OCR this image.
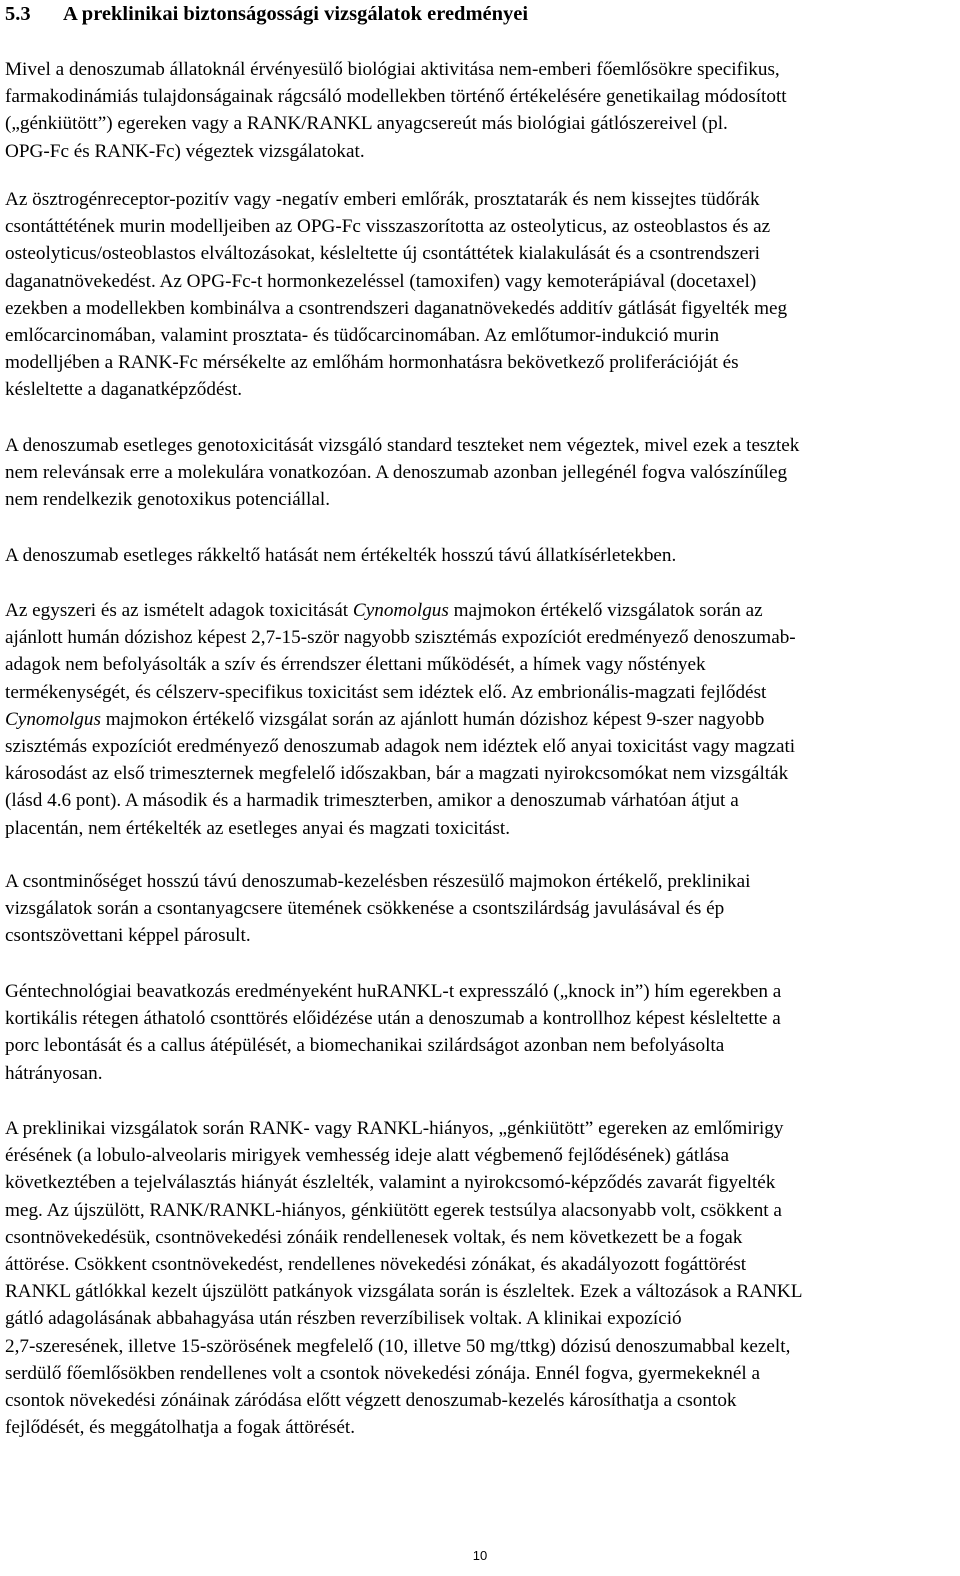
5.3 A preklinikai biztonságossági vizsgálatok eredményei
Mivel a denoszumab állatoknál érvényesülő biológiai aktivitása nem-emberi főemlősökre specifikus,
farmakodinámiás tulajdonságainak rágcsáló modellekben történő értékelésére genetikailag módosított
(„génkiütött”) egereken vagy a RANK/RANKL anyagcsereút más biológiai gátlószereivel (pl.
OPG-Fc és RANK-Fc) végeztek vizsgálatokat.
Az ösztrogénreceptor-pozitív vagy -negatív emberi emlőrák, prosztatarák és nem kissejtes tüdőrák
csontáttétének murin modelljeiben az OPG-Fc visszaszorította az osteolyticus, az osteoblastos és az
osteolyticus/osteoblastos elváltozásokat, késleltette új csontáttétek kialakulását és a csontrendszeri
daganatnövekedést. Az OPG-Fc-t hormonkezeléssel (tamoxifen) vagy kemoterápiával (docetaxel)
ezekben a modellekben kombinálva a csontrendszeri daganatnövekedés additív gátlását figyelték meg
emlőcarcinomában, valamint prosztata- és tüdőcarcinomában. Az emlőtumor-indukció murin
modelljében a RANK-Fc mérsékelte az emlőhám hormonhatásra bekövetkező proliferációját és
késleltette a daganatképződést.
A denoszumab esetleges genotoxicitását vizsgáló standard teszteket nem végeztek, mivel ezek a tesztek
nem relevánsak erre a molekulára vonatkozóan. A denoszumab azonban jellegénél fogva valószínűleg
nem rendelkezik genotoxikus potenciállal.
A denoszumab esetleges rákkeltő hatását nem értékelték hosszú távú állatkísérletekben.
Az egyszeri és az ismételt adagok toxicitását Cynomolgus majmokon értékelő vizsgálatok során az
ajánlott humán dózishoz képest 2,7-15-ször nagyobb szisztémás expozíciót eredményező denoszumab-
adagok nem befolyásolták a szív és érrendszer élettani működését, a hímek vagy nőstények
termékenységét, és célszerv-specifikus toxicitást sem idéztek elő. Az embrionális-magzati fejlődést
Cynomolgus majmokon értékelő vizsgálat során az ajánlott humán dózishoz képest 9-szer nagyobb
szisztémás expozíciót eredményező denoszumab adagok nem idéztek elő anyai toxicitást vagy magzati
károsodást az első trimeszternek megfelelő időszakban, bár a magzati nyirokcsomókat nem vizsgálták
(lásd 4.6 pont). A második és a harmadik trimeszterben, amikor a denoszumab várhatóan átjut a
placentán, nem értékelték az esetleges anyai és magzati toxicitást.
A csontminőséget hosszú távú denoszumab-kezelésben részesülő majmokon értékelő, preklinikai
vizsgálatok során a csontanyagcsere ütemének csökkenése a csontszilárdság javulásával és ép
csontszövettani képpel párosult.
Géntechnológiai beavatkozás eredményeként huRANKL-t expresszáló („knock in”) hím egerekben a
kortikális rétegen áthatoló csonttörés előidézése után a denoszumab a kontrollhoz képest késleltette a
porc lebontását és a callus átépülését, a biomechanikai szilárdságot azonban nem befolyásolta
hátrányosan.
A preklinikai vizsgálatok során RANK- vagy RANKL-hiányos, „génkiütött” egereken az emlőmirigy
érésének (a lobulo-alveolaris mirigyek vemhesség ideje alatt végbemenő fejlődésének) gátlása
következtében a tejelválasztás hiányát észlelték, valamint a nyirokcsomó-képződés zavarát figyelték
meg. Az újszülött, RANK/RANKL-hiányos, génkiütött egerek testsúlya alacsonyabb volt, csökkent a
csontnövekedésük, csontnövekedési zónáik rendellenesek voltak, és nem következett be a fogak
áttörése. Csökkent csontnövekedést, rendellenes növekedési zónákat, és akadályozott fogáttörést
RANKL gátlókkal kezelt újszülött patkányok vizsgálata során is észleltek. Ezek a változások a RANKL
gátló adagolásának abbahagyása után részben reverzíbilisek voltak. A klinikai expozíció
2,7-szeresének, illetve 15-szörösének megfelelő (10, illetve 50 mg/ttkg) dózisú denoszumabbal kezelt,
serdülő főemlősökben rendellenes volt a csontok növekedési zónája. Ennél fogva, gyermekeknél a
csontok növekedési zónáinak záródása előtt végzett denoszumab-kezelés károsíthatja a csontok
fejlődését, és meggátolhatja a fogak áttörését.
10
